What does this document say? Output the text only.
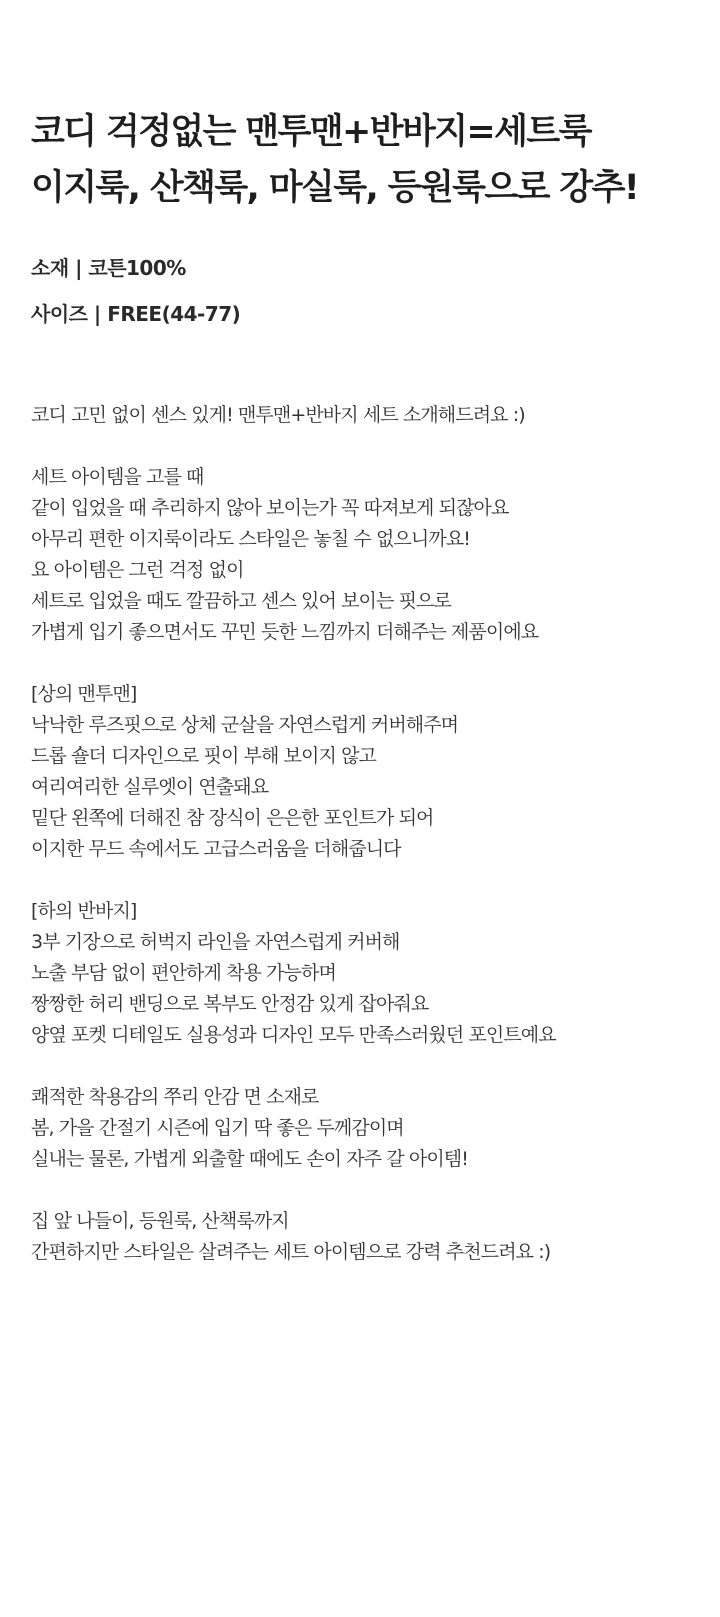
코디 걱정없는 맨투맨+반바지=세트룩
이지룩, 산책룩, 마실룩, 등원룩으로 강추!
소재 | 코튼100%
사이즈 | FREE(44-77)

코디 고민 없이 센스 있게! 맨투맨+반바지 세트 소개해드려요 :)

세트 아이템을 고를 때
같이 입었을 때 추리하지 않아 보이는가 꼭 따져보게 되잖아요
아무리 편한 이지룩이라도 스타일은 놓칠 수 없으니까요!
요 아이템은 그런 걱정 없이
세트로 입었을 때도 깔끔하고 센스 있어 보이는 핏으로
가볍게 입기 좋으면서도 꾸민 듯한 느낌까지 더해주는 제품이에요

[상의 맨투맨]
낙낙한 루즈핏으로 상체 군살을 자연스럽게 커버해주며
드롭 숄더 디자인으로 핏이 부해 보이지 않고
여리여리한 실루엣이 연출돼요
밑단 왼쪽에 더해진 참 장식이 은은한 포인트가 되어
이지한 무드 속에서도 고급스러움을 더해줍니다

[하의 반바지]
3부 기장으로 허벅지 라인을 자연스럽게 커버해
노출 부담 없이 편안하게 착용 가능하며
짱짱한 허리 밴딩으로 복부도 안정감 있게 잡아줘요
양옆 포켓 디테일도 실용성과 디자인 모두 만족스러웠던 포인트예요

쾌적한 착용감의 쭈리 안감 면 소재로
봄, 가을 간절기 시즌에 입기 딱 좋은 두께감이며
실내는 물론, 가볍게 외출할 때에도 손이 자주 갈 아이템!

집 앞 나들이, 등원룩, 산책룩까지
간편하지만 스타일은 살려주는 세트 아이템으로 강력 추천드려요 :)
